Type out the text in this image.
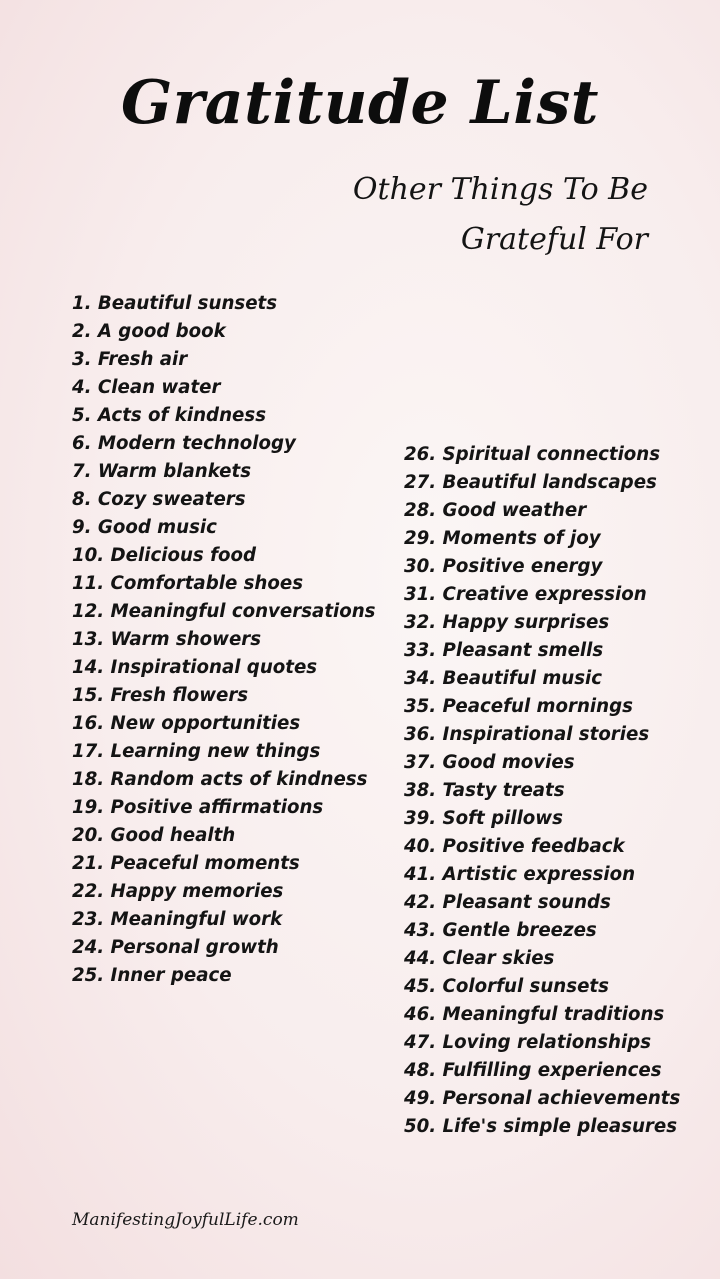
Gratitude List
Other Things To Be
Grateful For
1. Beautiful sunsets
2. A good book
3. Fresh air
4. Clean water
5. Acts of kindness
6. Modern technology
7. Warm blankets
8. Cozy sweaters
9. Good music
10. Delicious food
11. Comfortable shoes
12. Meaningful conversations
13. Warm showers
14. Inspirational quotes
15. Fresh flowers
16. New opportunities
17. Learning new things
18. Random acts of kindness
19. Positive affirmations
20. Good health
21. Peaceful moments
22. Happy memories
23. Meaningful work
24. Personal growth
25. Inner peace
26. Spiritual connections
27. Beautiful landscapes
28. Good weather
29. Moments of joy
30. Positive energy
31. Creative expression
32. Happy surprises
33. Pleasant smells
34. Beautiful music
35. Peaceful mornings
36. Inspirational stories
37. Good movies
38. Tasty treats
39. Soft pillows
40. Positive feedback
41. Artistic expression
42. Pleasant sounds
43. Gentle breezes
44. Clear skies
45. Colorful sunsets
46. Meaningful traditions
47. Loving relationships
48. Fulfilling experiences
49. Personal achievements
50. Life's simple pleasures
ManifestingJoyfulLife.com
